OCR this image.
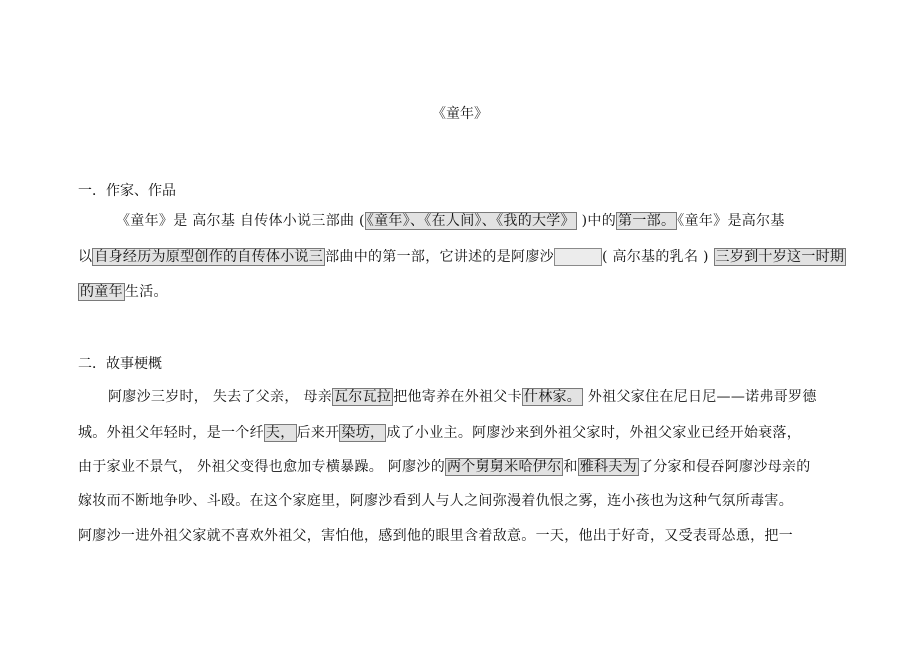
《童年》
一．作家、作品
《童年》是 高尔基 自传体小说三部曲 ( 《童年》、《在人间》、《我的大学》 )中的 第一部。 《童年》是高尔基
以 自身经历为原型创作的自传体小说三 部曲中的第一部，它讲述的是阿廖沙	( 高尔基的乳名 ) 三岁到十岁这一时期
的童年 生活。
二．故事梗概
阿廖沙三岁时， 失去了父亲， 母亲 瓦尔瓦拉 把他寄养在外祖父卡 什林家。 外祖父家住在尼日尼——诺弗哥罗德
城。外祖父年轻时，是一个纤 夫， 后来开 染坊， 成了小业主。阿廖沙来到外祖父家时，外祖父家业已经开始衰落，
由于家业不景气， 外祖父变得也愈加专横暴躁。 阿廖沙的 两个舅舅米哈伊尔 和 雅科夫为 了分家和侵吞阿廖沙母亲的
嫁妆而不断地争吵、斗殴。在这个家庭里，阿廖沙看到人与人之间弥漫着仇恨之雾，连小孩也为这种气氛所毒害。
阿廖沙一进外祖父家就不喜欢外祖父，害怕他，感到他的眼里含着敌意。一天，他出于好奇，又受表哥怂恿，把一
